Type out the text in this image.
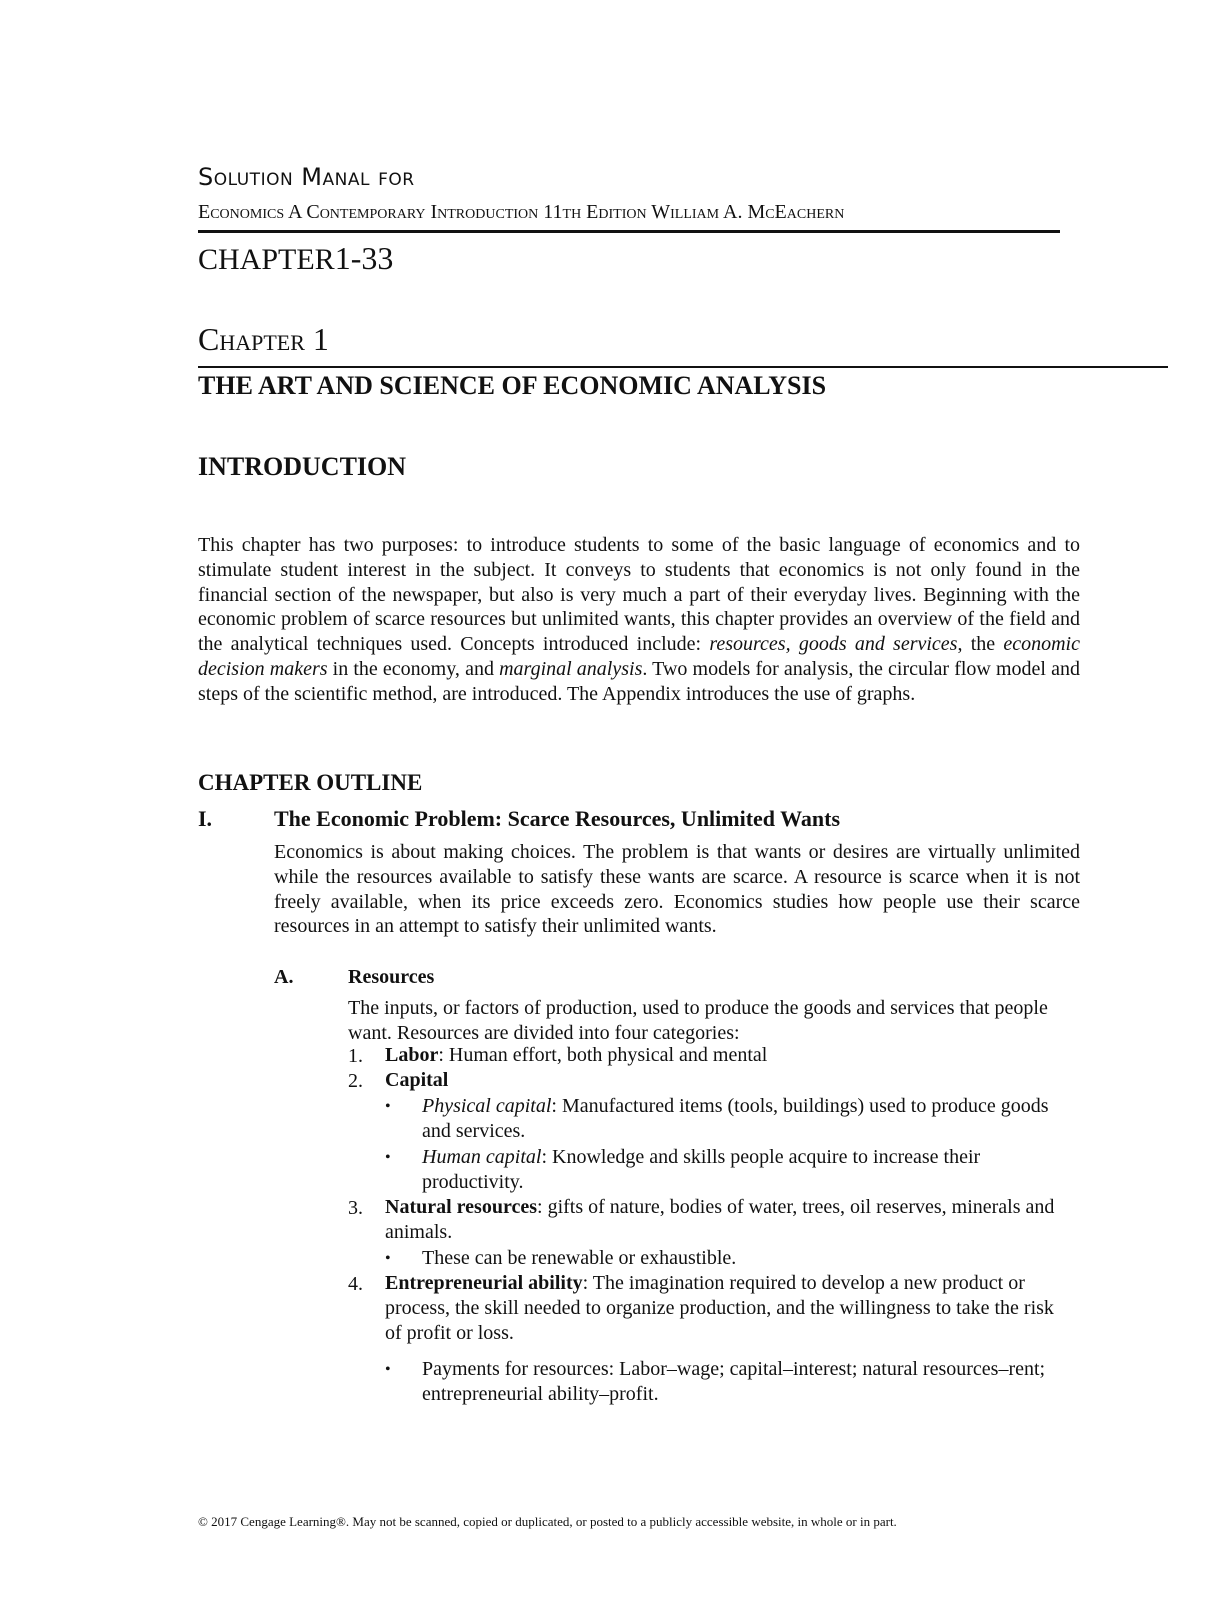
Solution Manal for
Economics A Contemporary Introduction 11th Edition William A. McEachern
CHAPTER1-33
Chapter 1
THE ART AND SCIENCE OF ECONOMIC ANALYSIS
INTRODUCTION
This chapter has two purposes: to introduce students to some of the basic language of economics and to stimulate student interest in the subject. It conveys to students that economics is not only found in the financial section of the newspaper, but also is very much a part of their everyday lives. Beginning with the economic problem of scarce resources but unlimited wants, this chapter provides an overview of the field and the analytical techniques used. Concepts introduced include: resources, goods and services, the economic decision makers in the economy, and marginal analysis. Two models for analysis, the circular flow model and steps of the scientific method, are introduced. The Appendix introduces the use of graphs.
CHAPTER OUTLINE
I.	The Economic Problem: Scarce Resources, Unlimited Wants
Economics is about making choices. The problem is that wants or desires are virtually unlimited while the resources available to satisfy these wants are scarce. A resource is scarce when it is not freely available, when its price exceeds zero. Economics studies how people use their scarce resources in an attempt to satisfy their unlimited wants.
A.	Resources
The inputs, or factors of production, used to produce the goods and services that people want. Resources are divided into four categories:
1. Labor: Human effort, both physical and mental
2. Capital
• Physical capital: Manufactured items (tools, buildings) used to produce goods and services.
• Human capital: Knowledge and skills people acquire to increase their productivity.
3. Natural resources: gifts of nature, bodies of water, trees, oil reserves, minerals and animals.
• These can be renewable or exhaustible.
4. Entrepreneurial ability: The imagination required to develop a new product or process, the skill needed to organize production, and the willingness to take the risk of profit or loss.
• Payments for resources: Labor–wage; capital–interest; natural resources–rent; entrepreneurial ability–profit.
© 2017 Cengage Learning®. May not be scanned, copied or duplicated, or posted to a publicly accessible website, in whole or in part.
